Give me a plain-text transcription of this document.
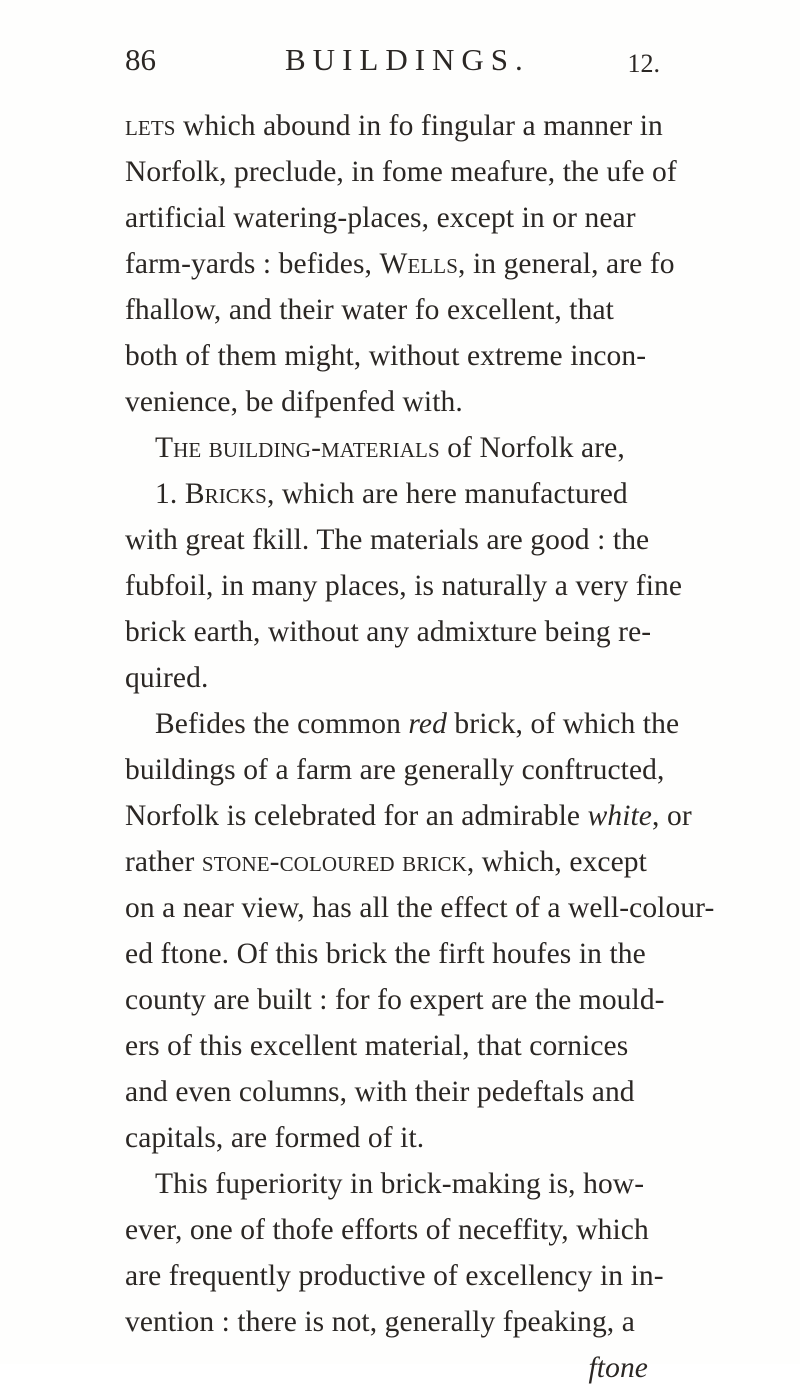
86	BUILDINGS.	12.
lets which abound in fo fingular a manner in
Norfolk, preclude, in fome meafure, the ufe of
artificial watering-places, except in or near
farm-yards : befides, Wells, in general, are fo
fhallow, and their water fo excellent, that
both of them might, without extreme incon-
venience, be difpenfed with.
The building-materials of Norfolk are,
1. Bricks, which are here manufactured
with great fkill. The materials are good : the
fubfoil, in many places, is naturally a very fine
brick earth, without any admixture being re-
quired.
Befides the common red brick, of which the
buildings of a farm are generally conftructed,
Norfolk is celebrated for an admirable white, or
rather stone-coloured brick, which, except
on a near view, has all the effect of a well-colour-
ed ftone. Of this brick the firft houfes in the
county are built : for fo expert are the mould-
ers of this excellent material, that cornices
and even columns, with their pedeftals and
capitals, are formed of it.
This fuperiority in brick-making is, how-
ever, one of thofe efforts of neceffity, which
are frequently productive of excellency in in-
vention : there is not, generally fpeaking, a
ftone
